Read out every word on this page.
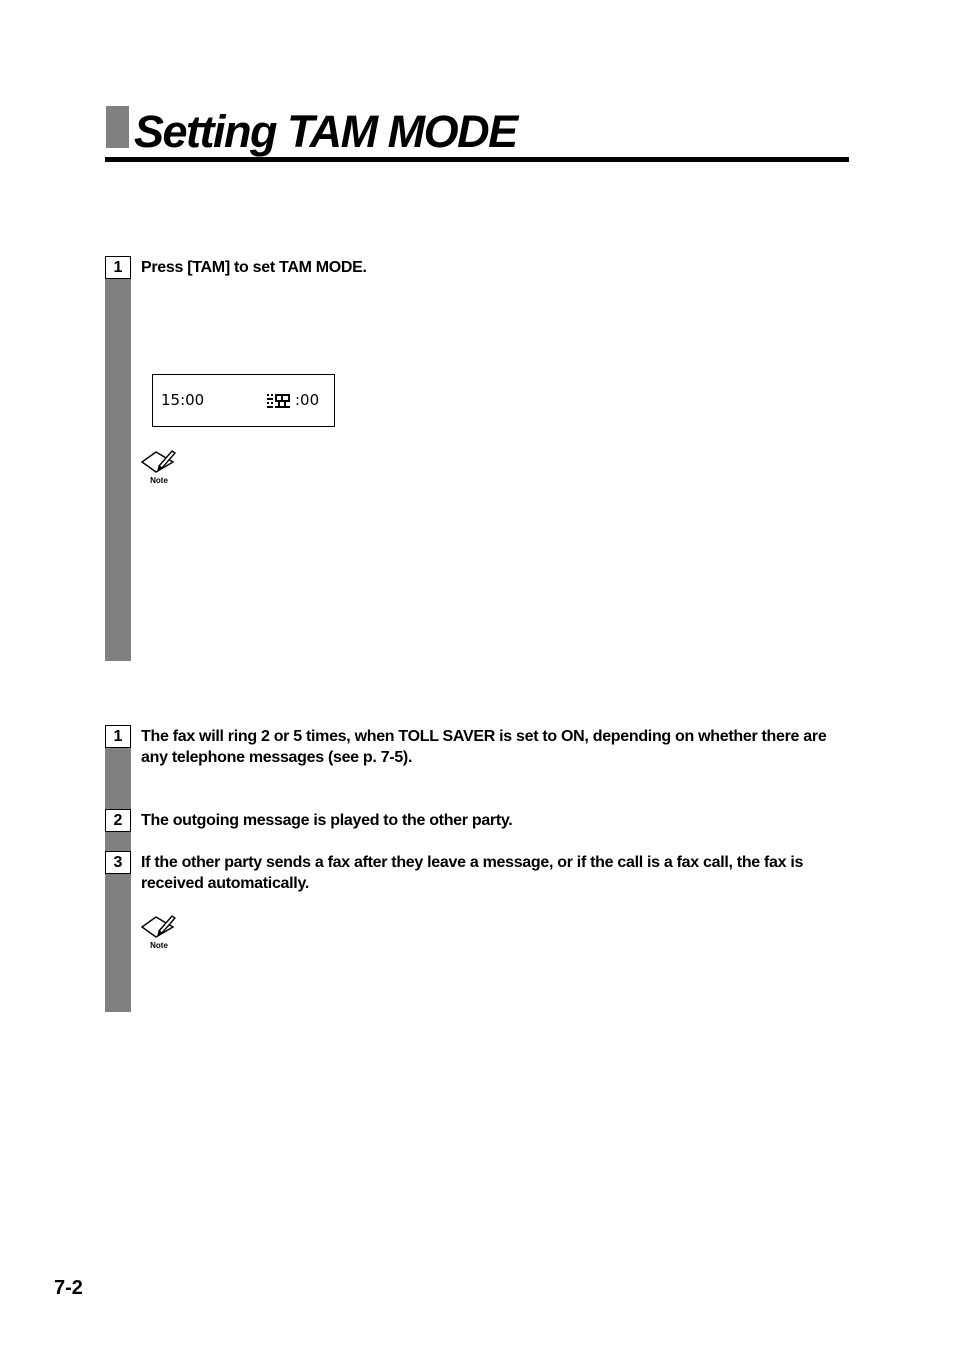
Setting TAM MODE
1	Press [TAM] to set TAM MODE.
15:00	:00
Note
1	The fax will ring 2 or 5 times, when TOLL SAVER is set to ON, depending on whether there are any telephone messages (see p. 7-5).
2	The outgoing message is played to the other party.
3	If the other party sends a fax after they leave a message, or if the call is a fax call, the fax is received automatically.
Note
7-2
